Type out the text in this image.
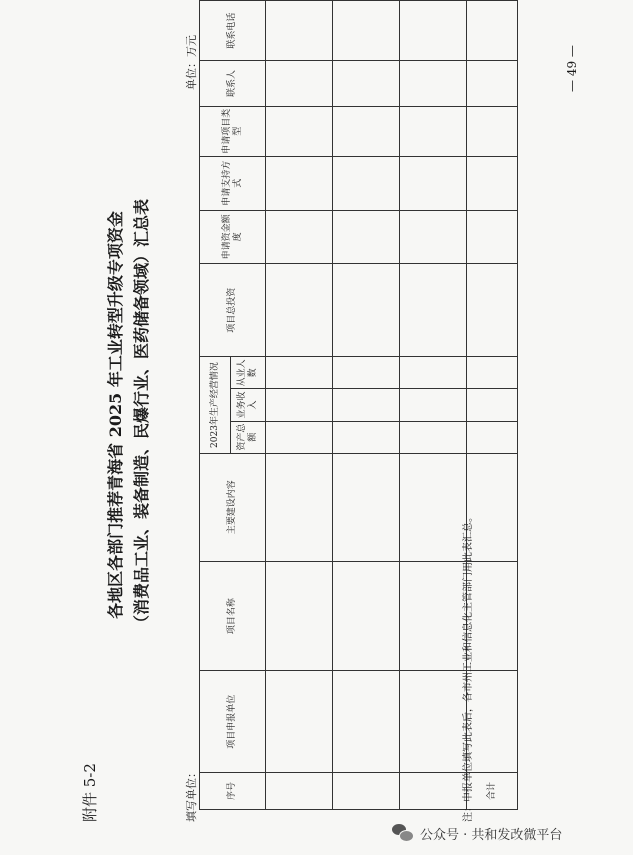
附件 5-2
各地区各部门推荐青海省 2025 年工业转型升级专项资金 （消费品工业、装备制造、民爆行业、医药储备领域）汇总表
填写单位：
单位：万元
序号	项目申报单位	项目名称	主要建设内容	2023年生产经营情况			项目总投资	申请资金额度	申请支持方式	申请项目类型	联系人	联系电话
				资产总额	业务收入	从业人数						

合计												
注：申报单位填写此表后，各市州工业和信息化主管部门用此表汇总。
— 49 —
公众号 · 共和发改微平台
